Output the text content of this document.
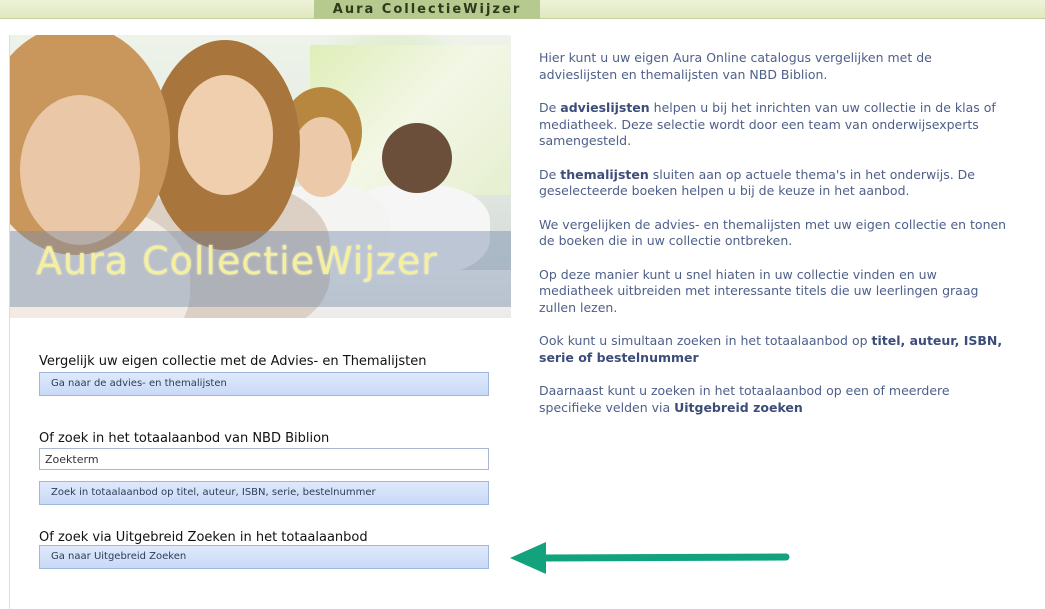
Aura CollectieWijzer
Aura CollectieWijzer
Vergelijk uw eigen collectie met de Advies- en Themalijsten
Ga naar de advies- en themalijsten
Of zoek in het totaalaanbod van NBD Biblion
Zoekterm
Zoek in totaalaanbod op titel, auteur, ISBN, serie, bestelnummer
Of zoek via Uitgebreid Zoeken in het totaalaanbod
Ga naar Uitgebreid Zoeken

Hier kunt u uw eigen Aura Online catalogus vergelijken met de advieslijsten en themalijsten van NBD Biblion.

De advieslijsten helpen u bij het inrichten van uw collectie in de klas of mediatheek. Deze selectie wordt door een team van onderwijsexperts samengesteld.

De themalijsten sluiten aan op actuele thema's in het onderwijs. De geselecteerde boeken helpen u bij de keuze in het aanbod.

We vergelijken de advies- en themalijsten met uw eigen collectie en tonen de boeken die in uw collectie ontbreken.

Op deze manier kunt u snel hiaten in uw collectie vinden en uw mediatheek uitbreiden met interessante titels die uw leerlingen graag zullen lezen.

Ook kunt u simultaan zoeken in het totaalaanbod op titel, auteur, ISBN, serie of bestelnummer

Daarnaast kunt u zoeken in het totaalaanbod op een of meerdere specifieke velden via Uitgebreid zoeken
